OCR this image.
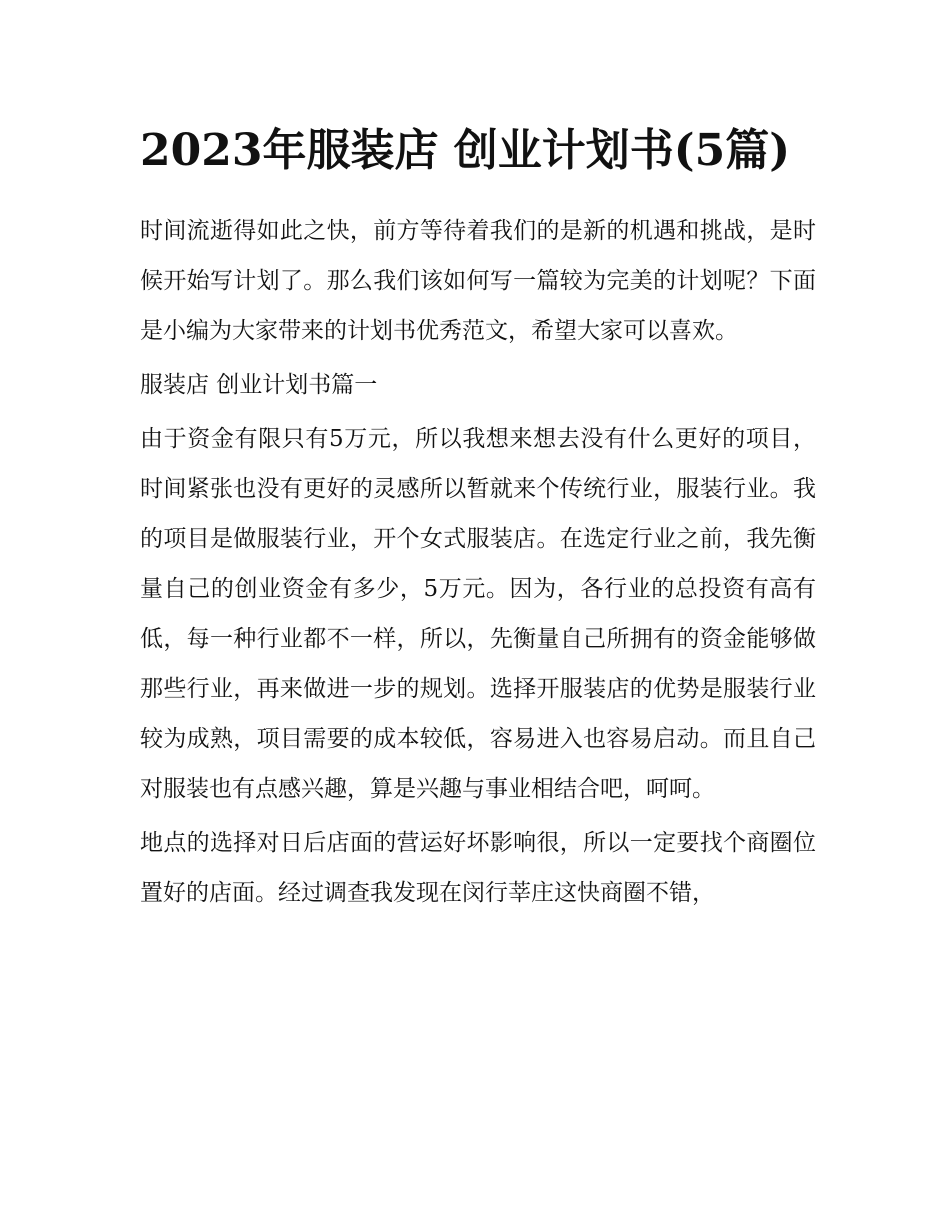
2023年服装店 创业计划书(5篇)

时间流逝得如此之快，前方等待着我们的是新的机遇和挑战，是时候开始写计划了。那么我们该如何写一篇较为完美的计划呢？下面是小编为大家带来的计划书优秀范文，希望大家可以喜欢。

服装店 创业计划书篇一

由于资金有限只有5万元，所以我想来想去没有什么更好的项目，时间紧张也没有更好的灵感所以暂就来个传统行业，服装行业。我的项目是做服装行业，开个女式服装店。在选定行业之前，我先衡量自己的创业资金有多少，5万元。因为，各行业的总投资有高有低，每一种行业都不一样，所以，先衡量自己所拥有的资金能够做那些行业，再来做进一步的规划。选择开服装店的优势是服装行业较为成熟，项目需要的成本较低，容易进入也容易启动。而且自己对服装也有点感兴趣，算是兴趣与事业相结合吧，呵呵。

地点的选择对日后店面的营运好坏影响很，所以一定要找个商圈位置好的店面。经过调查我发现在闵行莘庄这快商圈不错，
